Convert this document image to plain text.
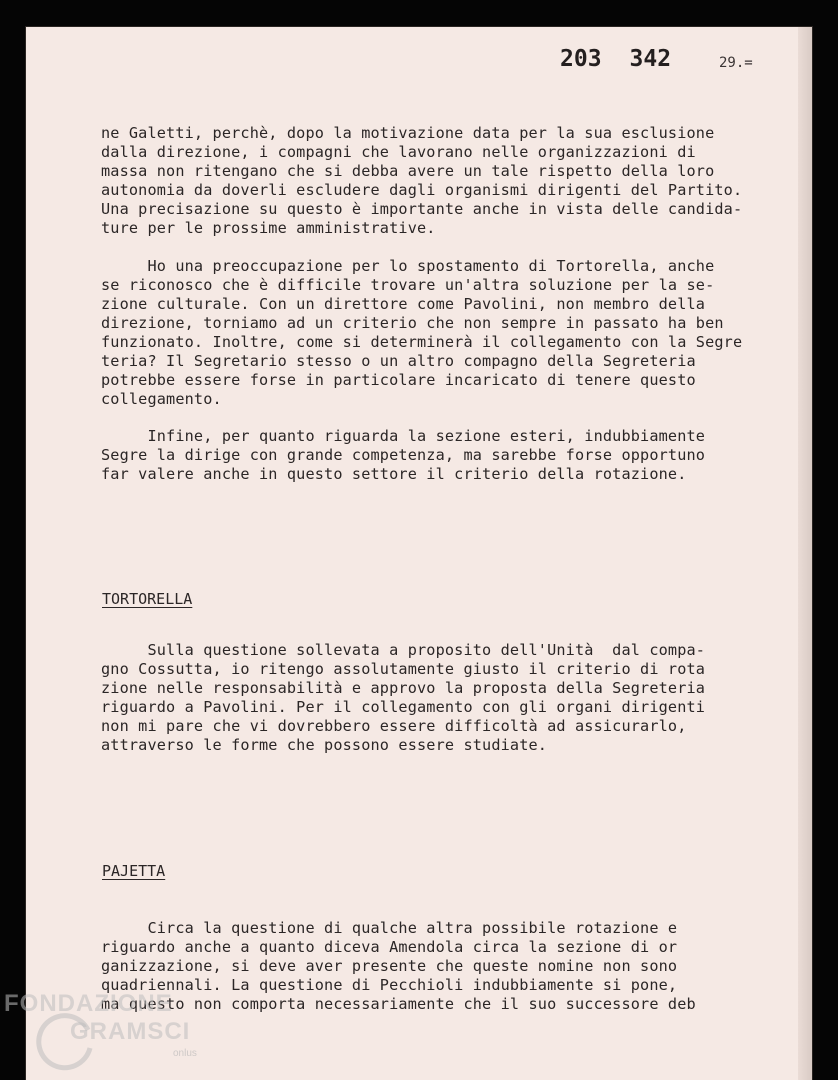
203 342	29.=
ne Galetti, perchè, dopo la motivazione data per la sua esclusione
dalla direzione, i compagni che lavorano nelle organizzazioni di
massa non ritengano che si debba avere un tale rispetto della loro
autonomia da doverli escludere dagli organismi dirigenti del Partito.
Una precisazione su questo è importante anche in vista delle candida-
ture per le prossime amministrative.
Ho una preoccupazione per lo spostamento di Tortorella, anche
se riconosco che è difficile trovare un'altra soluzione per la se-
zione culturale. Con un direttore come Pavolini, non membro della
direzione, torniamo ad un criterio che non sempre in passato ha ben
funzionato. Inoltre, come si determinerà il collegamento con la Segre
teria? Il Segretario stesso o un altro compagno della Segreteria
potrebbe essere forse in particolare incaricato di tenere questo
collegamento.
Infine, per quanto riguarda la sezione esteri, indubbiamente
Segre la dirige con grande competenza, ma sarebbe forse opportuno
far valere anche in questo settore il criterio della rotazione.
TORTORELLA
Sulla questione sollevata a proposito dell'Unità  dal compa-
gno Cossutta, io ritengo assolutamente giusto il criterio di rota
zione nelle responsabilità e approvo la proposta della Segreteria
riguardo a Pavolini. Per il collegamento con gli organi dirigenti
non mi pare che vi dovrebbero essere difficoltà ad assicurarlo,
attraverso le forme che possono essere studiate.
PAJETTA
Circa la questione di qualche altra possibile rotazione e
riguardo anche a quanto diceva Amendola circa la sezione di or
ganizzazione, si deve aver presente che queste nomine non sono
quadriennali. La questione di Pecchioli indubbiamente si pone,
ma questo non comporta necessariamente che il suo successore deb
FONDAZIONE
GRAMSCI
onlus
